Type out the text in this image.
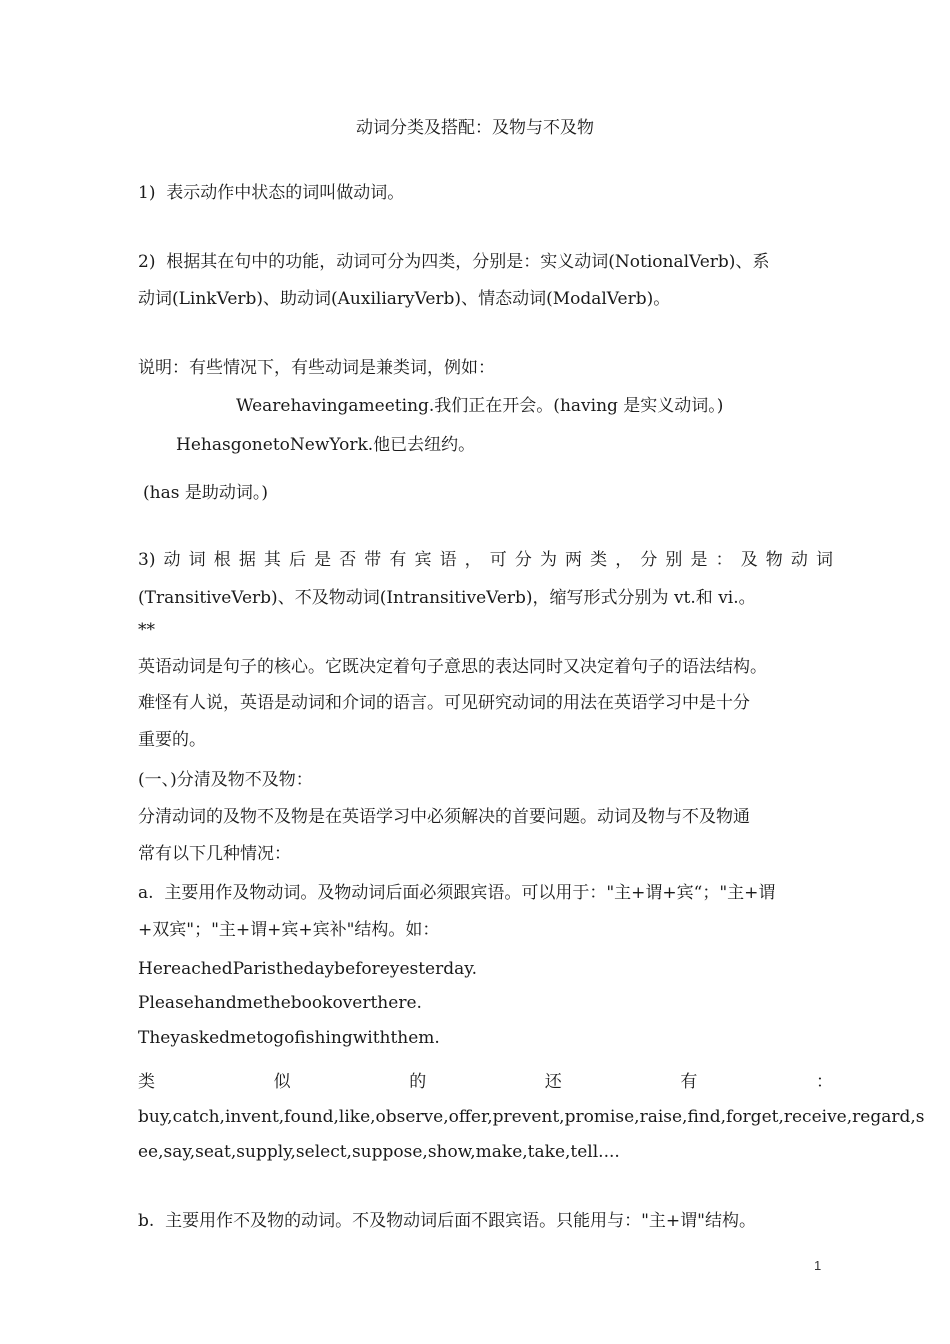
动词分类及搭配：及物与不及物
1)  表示动作中状态的词叫做动词。
2)  根据其在句中的功能，动词可分为四类，分别是：实义动词(NotionalVerb)、系
动词(LinkVerb)、助动词(AuxiliaryVerb)、情态动词(ModalVerb)。
说明：有些情况下，有些动词是兼类词，例如：
Wearehavingameeting.我们正在开会。(having 是实义动词。)
HehasgonetoNewYork.他已去纽约。
(has 是助动词。)
3) 动 词 根 据 其 后 是 否 带 有 宾 语 ， 可 分 为 两 类 ， 分 别 是 ： 及 物 动 词
(TransitiveVerb)、不及物动词(IntransitiveVerb)，缩写形式分别为 vt.和 vi.。
**
英语动词是句子的核心。它既决定着句子意思的表达同时又决定着句子的语法结构。
难怪有人说，英语是动词和介词的语言。可见研究动词的用法在英语学习中是十分
重要的。
(一、)分清及物不及物：
分清动词的及物不及物是在英语学习中必须解决的首要问题。动词及物与不及物通
常有以下几种情况：
a.  主要用作及物动词。及物动词后面必须跟宾语。可以用于："主+谓+宾“；"主+谓
+双宾"；"主+谓+宾+宾补"结构。如：
HereachedParisthedaybeforeyesterday.
Pleasehandmethebookoverthere.
Theyaskedmetogofishingwiththem.
类	似	的	还	有	：
buy,catch,invent,found,like,observe,offer,prevent,promise,raise,find,forget,receive,regard,s
ee,say,seat,supply,select,suppose,show,make,take,tell....
b.  主要用作不及物的动词。不及物动词后面不跟宾语。只能用与："主+谓"结构。
1
